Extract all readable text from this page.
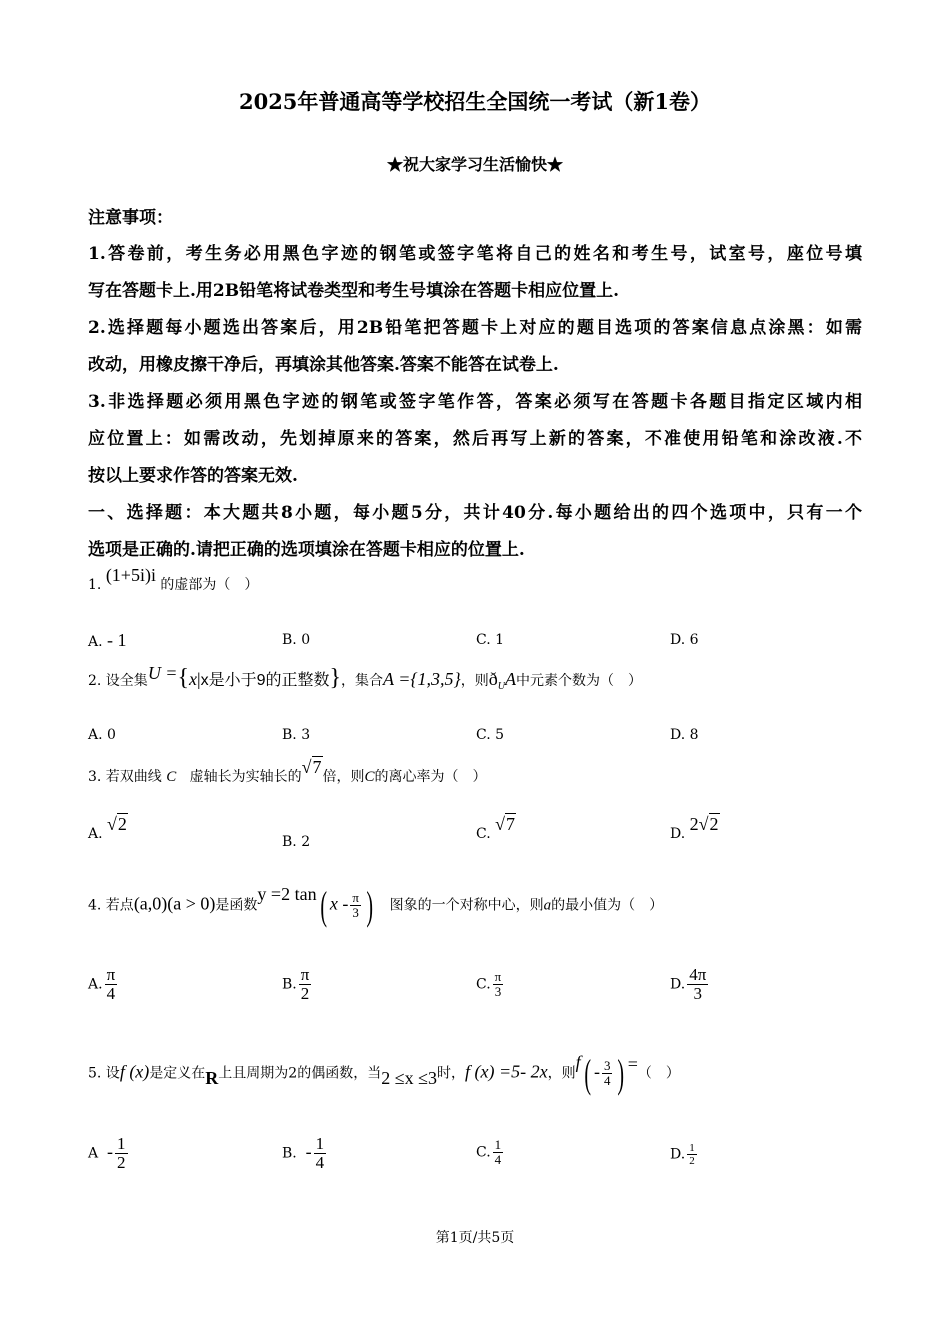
2025年普通高等学校招生全国统一考试（新1卷）
★祝大家学习生活愉快★
注意事项：
1.答卷前，考生务必用黑色字迹的钢笔或签字笔将自己的姓名和考生号，试室号，座位号填
写在答题卡上.用2B铅笔将试卷类型和考生号填涂在答题卡相应位置上.
2.选择题每小题选出答案后，用2B铅笔把答题卡上对应的题目选项的答案信息点涂黑：如需
改动，用橡皮擦干净后，再填涂其他答案.答案不能答在试卷上.
3.非选择题必须用黑色字迹的钢笔或签字笔作答，答案必须写在答题卡各题目指定区域内相
应位置上：如需改动，先划掉原来的答案，然后再写上新的答案，不准使用铅笔和涂改液.不
按以上要求作答的答案无效.
一、选择题：本大题共8小题，每小题5分，共计40分.每小题给出的四个选项中，只有一个
选项是正确的.请把正确的选项填涂在答题卡相应的位置上.
1. (1+5i)i 的虚部为（　）
A. - 1	B. 0	C. 1	D. 6
2. 设全集U ={x|x是小于9的正整数}，集合A ={1,3,5}，则$ð_UA$中元素个数为（　）
A. 0	B. 3	C. 5	D. 8
3. 若双曲线 C 虚轴长为实轴长的√7倍，则C的离心率为（　）
A. √2
B. 2	C. √7	D. 2√2
4. 若点(a,0)(a > 0)是函数y =2 tan( x - $\frac{\pi}{3}$ ) 图象的一个对称中心，则a的最小值为（　）
A. $\frac{\pi}{4}$	B. $\frac{\pi}{2}$	C. $\frac{\pi}{3}$	D. $\frac{4\pi}{3}$
5. 设f (x)是定义在R上且周期为2的偶函数，当2 ≤x ≤3时，f (x) =5- 2x，则$f( - \frac{3}{4}$ ) =（　）
A - $\frac{1}{2}$	B. - $\frac{1}{4}$	C. $\frac{1}{4}$	D. $\frac{1}{2}$
第1页/共5页
